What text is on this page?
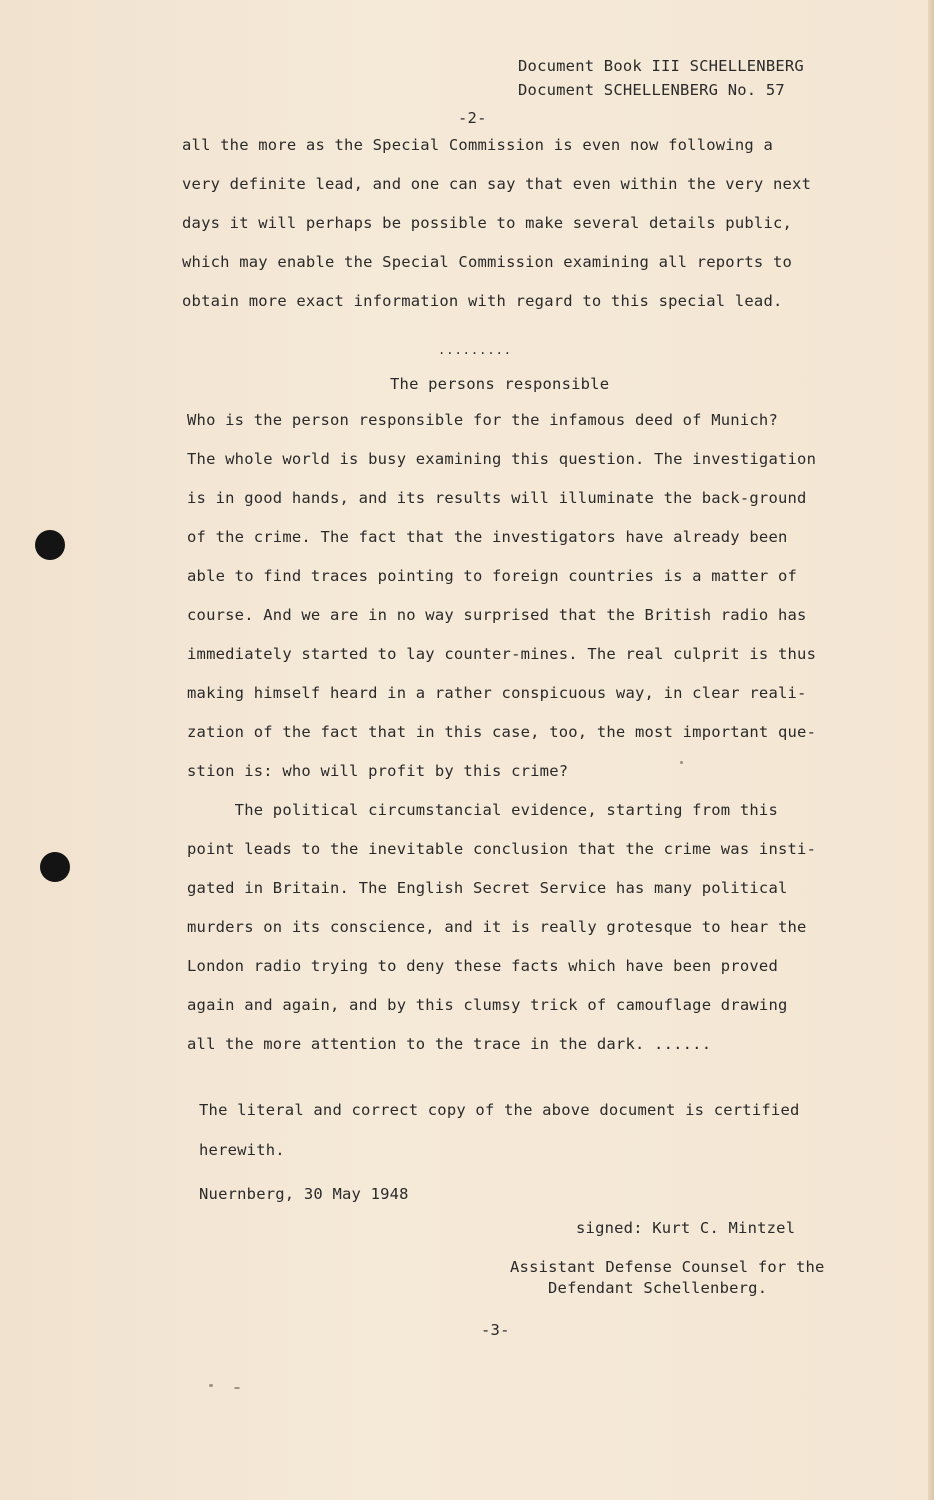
Document Book III SCHELLENBERG
Document SCHELLENBERG No. 57
-2-
all the more as the Special Commission is even now following a
very definite lead, and one can say that even within the very next
days it will perhaps be possible to make several details public,
which may enable the Special Commission examining all reports to
obtain more exact information with regard to this special lead.
.........
The persons responsible
Who is the person responsible for the infamous deed of Munich?
The whole world is busy examining this question. The investigation
is in good hands, and its results will illuminate the back-ground
of the crime. The fact that the investigators have already been
able to find traces pointing to foreign countries is a matter of
course. And we are in no way surprised that the British radio has
immediately started to lay counter-mines. The real culprit is thus
making himself heard in a rather conspicuous way, in clear reali-
zation of the fact that in this case, too, the most important que-
stion is: who will profit by this crime?
The political circumstancial evidence, starting from this
point leads to the inevitable conclusion that the crime was insti-
gated in Britain. The English Secret Service has many political
murders on its conscience, and it is really grotesque to hear the
London radio trying to deny these facts which have been proved
again and again, and by this clumsy trick of camouflage drawing
all the more attention to the trace in the dark. ......
The literal and correct copy of the above document is certified
herewith.
Nuernberg, 30 May 1948
signed: Kurt C. Mintzel
Assistant Defense Counsel for the
Defendant Schellenberg.
-3-
